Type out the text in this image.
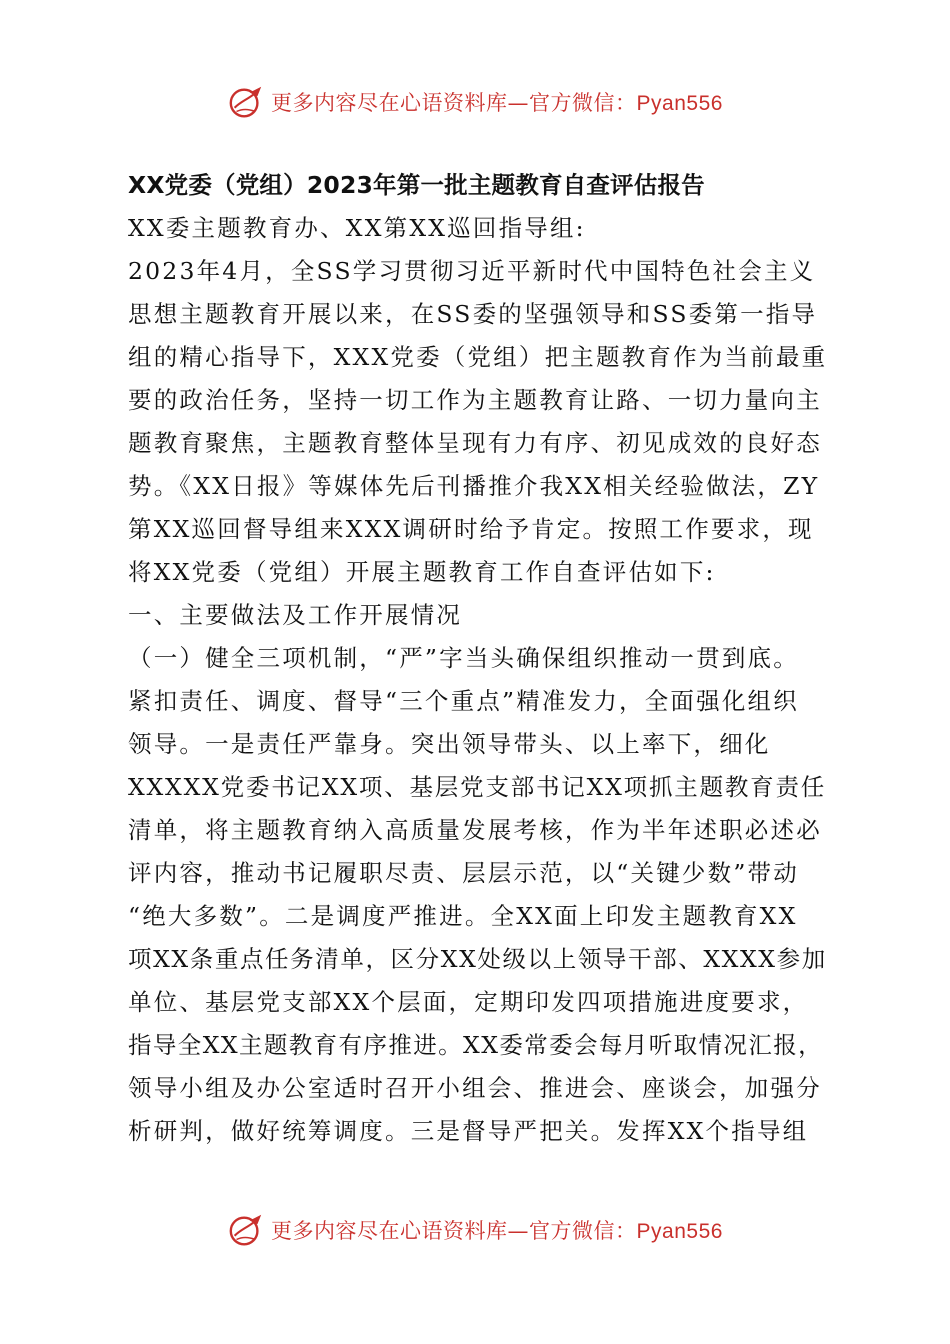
更多内容尽在心语资料库—官方微信：Pyan556
XX党委（党组）2023年第一批主题教育自查评估报告

XX委主题教育办、XX第XX巡回指导组:

2023年4月，全SS学习贯彻习近平新时代中国特色社会主义

思想主题教育开展以来，在SS委的坚强领导和SS委第一指导

组的精心指导下，XXX党委（党组）把主题教育作为当前最重

要的政治任务，坚持一切工作为主题教育让路、一切力量向主

题教育聚焦，主题教育整体呈现有力有序、初见成效的良好态

势。《XX日报》等媒体先后刊播推介我XX相关经验做法，ZY

第XX巡回督导组来XXX调研时给予肯定。按照工作要求，现

将XX党委（党组）开展主题教育工作自查评估如下:

一、主要做法及工作开展情况

（一）健全三项机制，“严”字当头确保组织推动一贯到底。

紧扣责任、调度、督导“三个重点”精准发力，全面强化组织

领导。一是责任严靠身。突出领导带头、以上率下，细化

XXXXX党委书记XX项、基层党支部书记XX项抓主题教育责任

清单，将主题教育纳入高质量发展考核，作为半年述职必述必

评内容，推动书记履职尽责、层层示范，以“关键少数”带动

“绝大多数”。二是调度严推进。全XX面上印发主题教育XX

项XX条重点任务清单，区分XX处级以上领导干部、XXXX参加

单位、基层党支部XX个层面，定期印发四项措施进度要求，

指导全XX主题教育有序推进。XX委常委会每月听取情况汇报，

领导小组及办公室适时召开小组会、推进会、座谈会，加强分

析研判，做好统筹调度。三是督导严把关。发挥XX个指导组

更多内容尽在心语资料库—官方微信：Pyan556
